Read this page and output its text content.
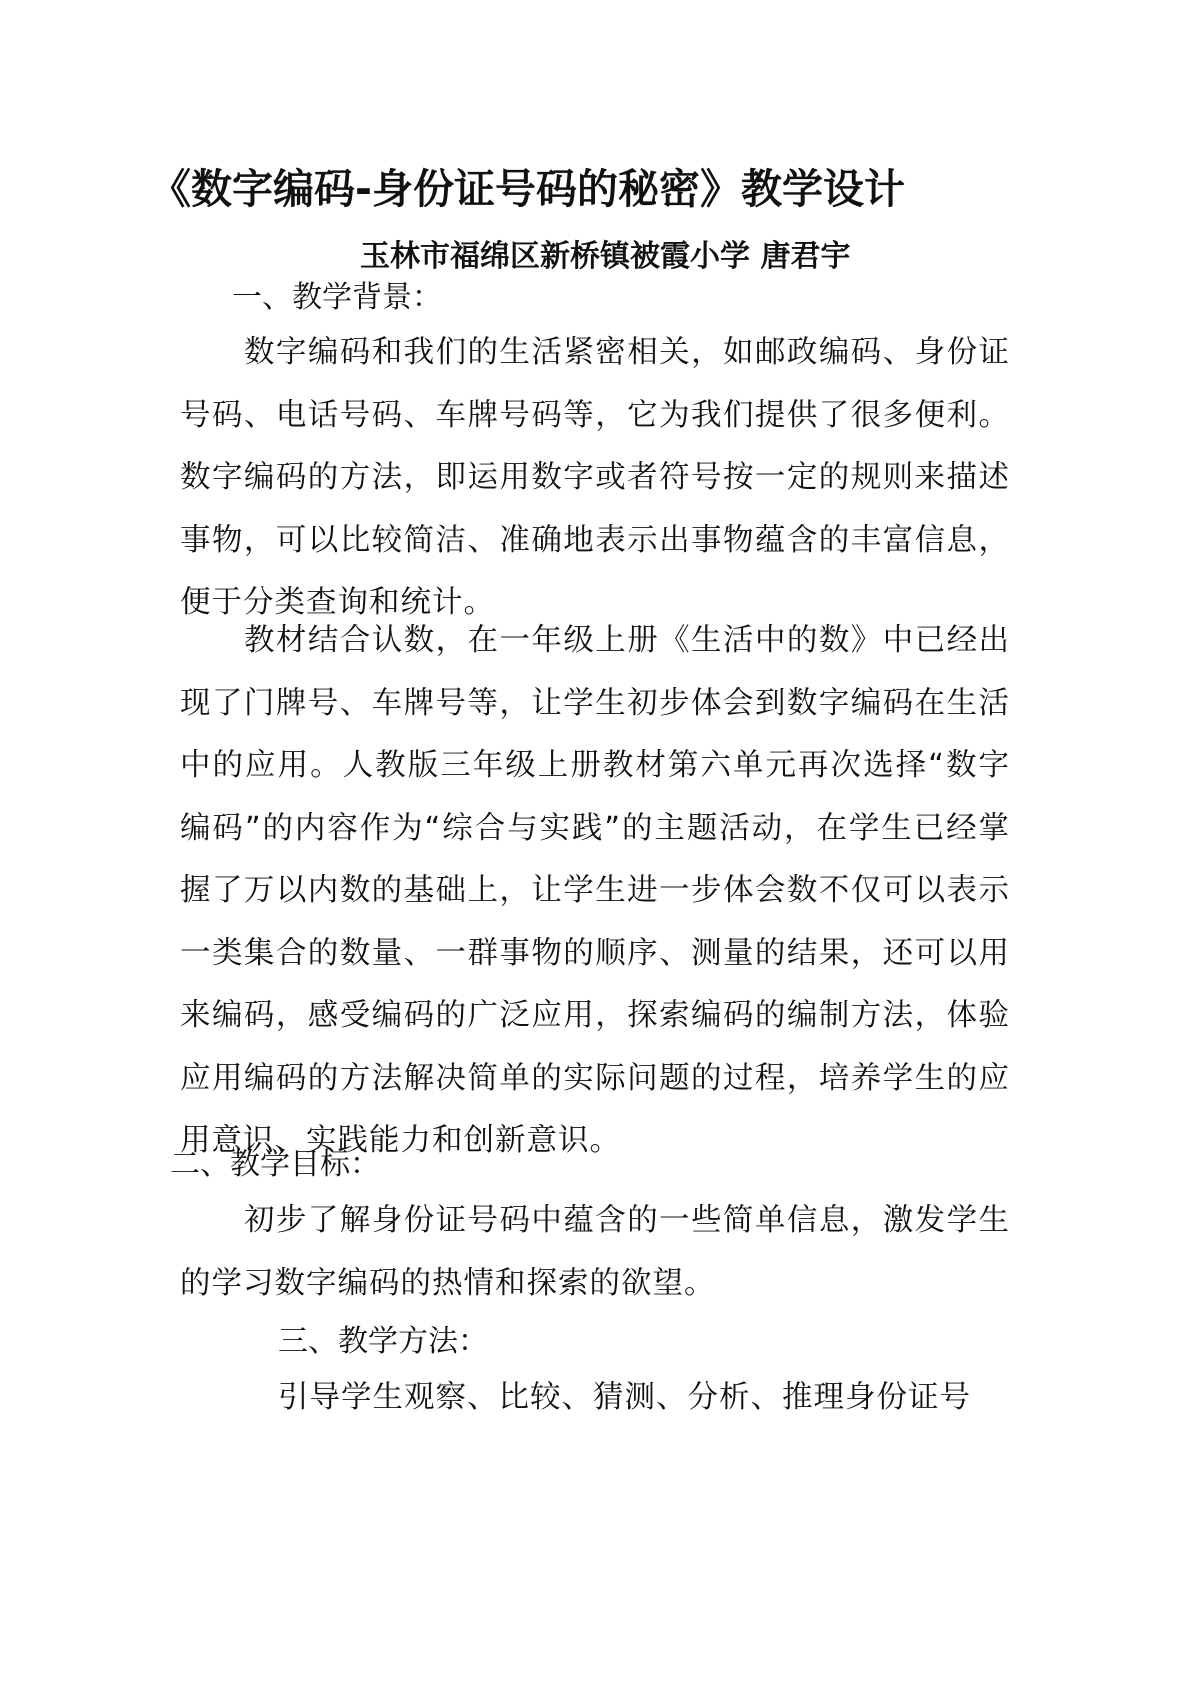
《数字编码-身份证号码的秘密》教学设计

玉林市福绵区新桥镇被霞小学 唐君宇

一、教学背景：

数字编码和我们的生活紧密相关，如邮政编码、身份证号码、电话号码、车牌号码等，它为我们提供了很多便利。数字编码的方法，即运用数字或者符号按一定的规则来描述事物，可以比较简洁、准确地表示出事物蕴含的丰富信息，便于分类查询和统计。

教材结合认数，在一年级上册《生活中的数》中已经出现了门牌号、车牌号等，让学生初步体会到数字编码在生活中的应用。人教版三年级上册教材第六单元再次选择“数字编码”的内容作为“综合与实践”的主题活动，在学生已经掌握了万以内数的基础上，让学生进一步体会数不仅可以表示一类集合的数量、一群事物的顺序、测量的结果，还可以用来编码，感受编码的广泛应用，探索编码的编制方法，体验应用编码的方法解决简单的实际问题的过程，培养学生的应用意识、实践能力和创新意识。

二、教学目标：

初步了解身份证号码中蕴含的一些简单信息，激发学生的学习数字编码的热情和探索的欲望。

三、教学方法：

引导学生观察、比较、猜测、分析、推理身份证号
